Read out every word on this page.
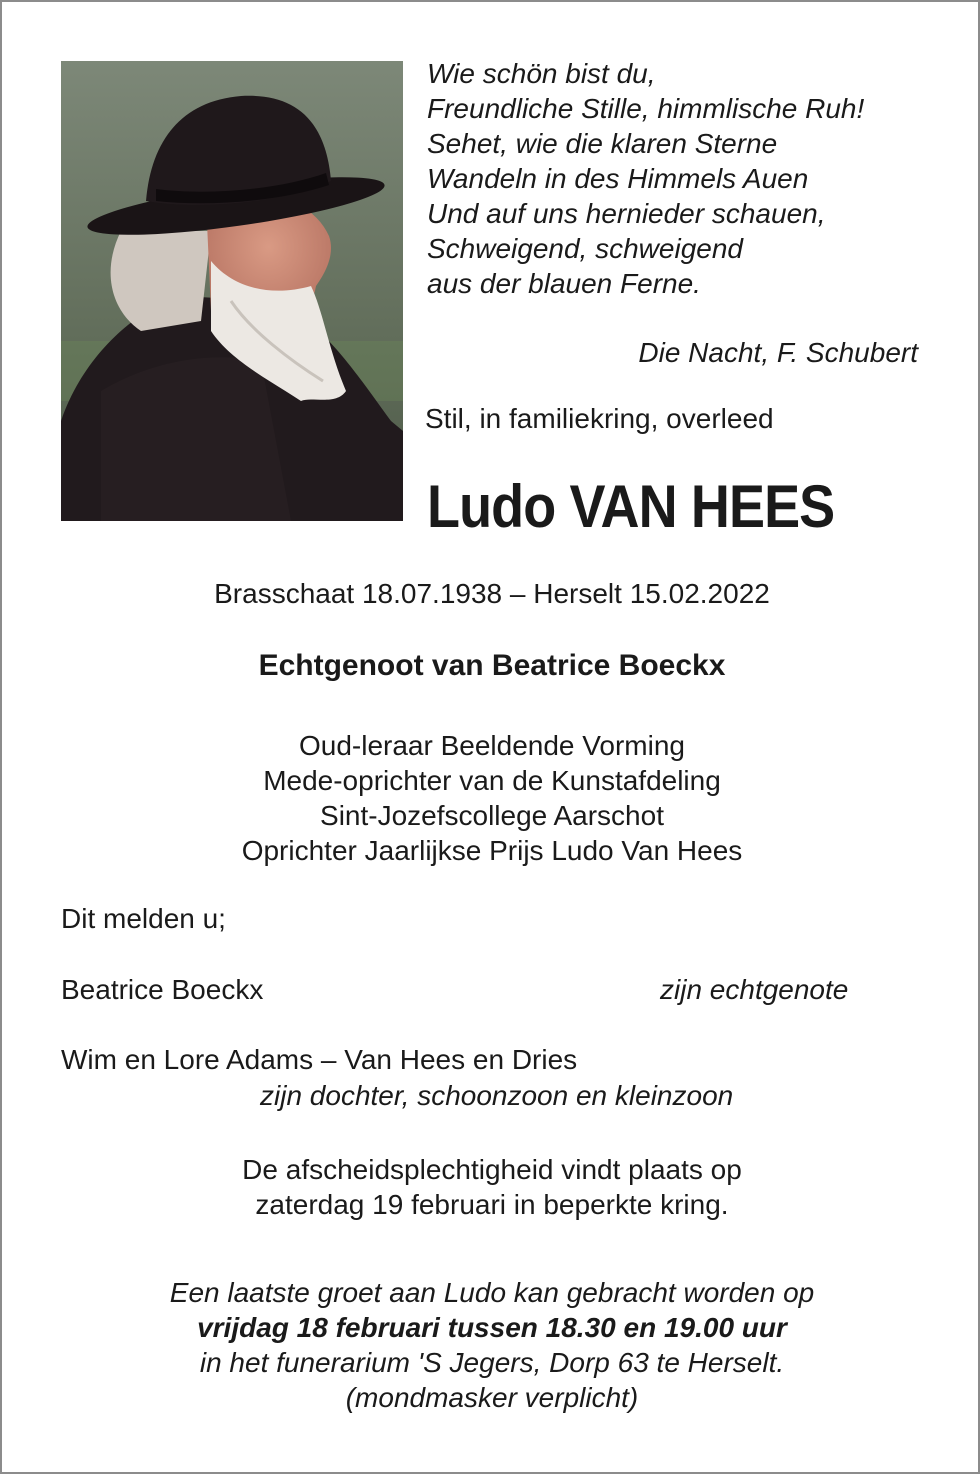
Wie schön bist du,
Freundliche Stille, himmlische Ruh!
Sehet, wie die klaren Sterne
Wandeln in des Himmels Auen
Und auf uns hernieder schauen,
Schweigend, schweigend
aus der blauen Ferne.
Die Nacht, F. Schubert
Stil, in familiekring, overleed
Ludo VAN HEES
Brasschaat 18.07.1938 – Herselt 15.02.2022
Echtgenoot van Beatrice Boeckx
Oud-leraar Beeldende Vorming
Mede-oprichter van de Kunstafdeling
Sint-Jozefscollege Aarschot
Oprichter Jaarlijkse Prijs Ludo Van Hees
Dit melden u;
Beatrice Boeckx	zijn echtgenote
Wim en Lore Adams – Van Hees en Dries
zijn dochter, schoonzoon en kleinzoon
De afscheidsplechtigheid vindt plaats op
zaterdag 19 februari in beperkte kring.
Een laatste groet aan Ludo kan gebracht worden op
vrijdag 18 februari tussen 18.30 en 19.00 uur
in het funerarium 'S Jegers, Dorp 63 te Herselt.
(mondmasker verplicht)
